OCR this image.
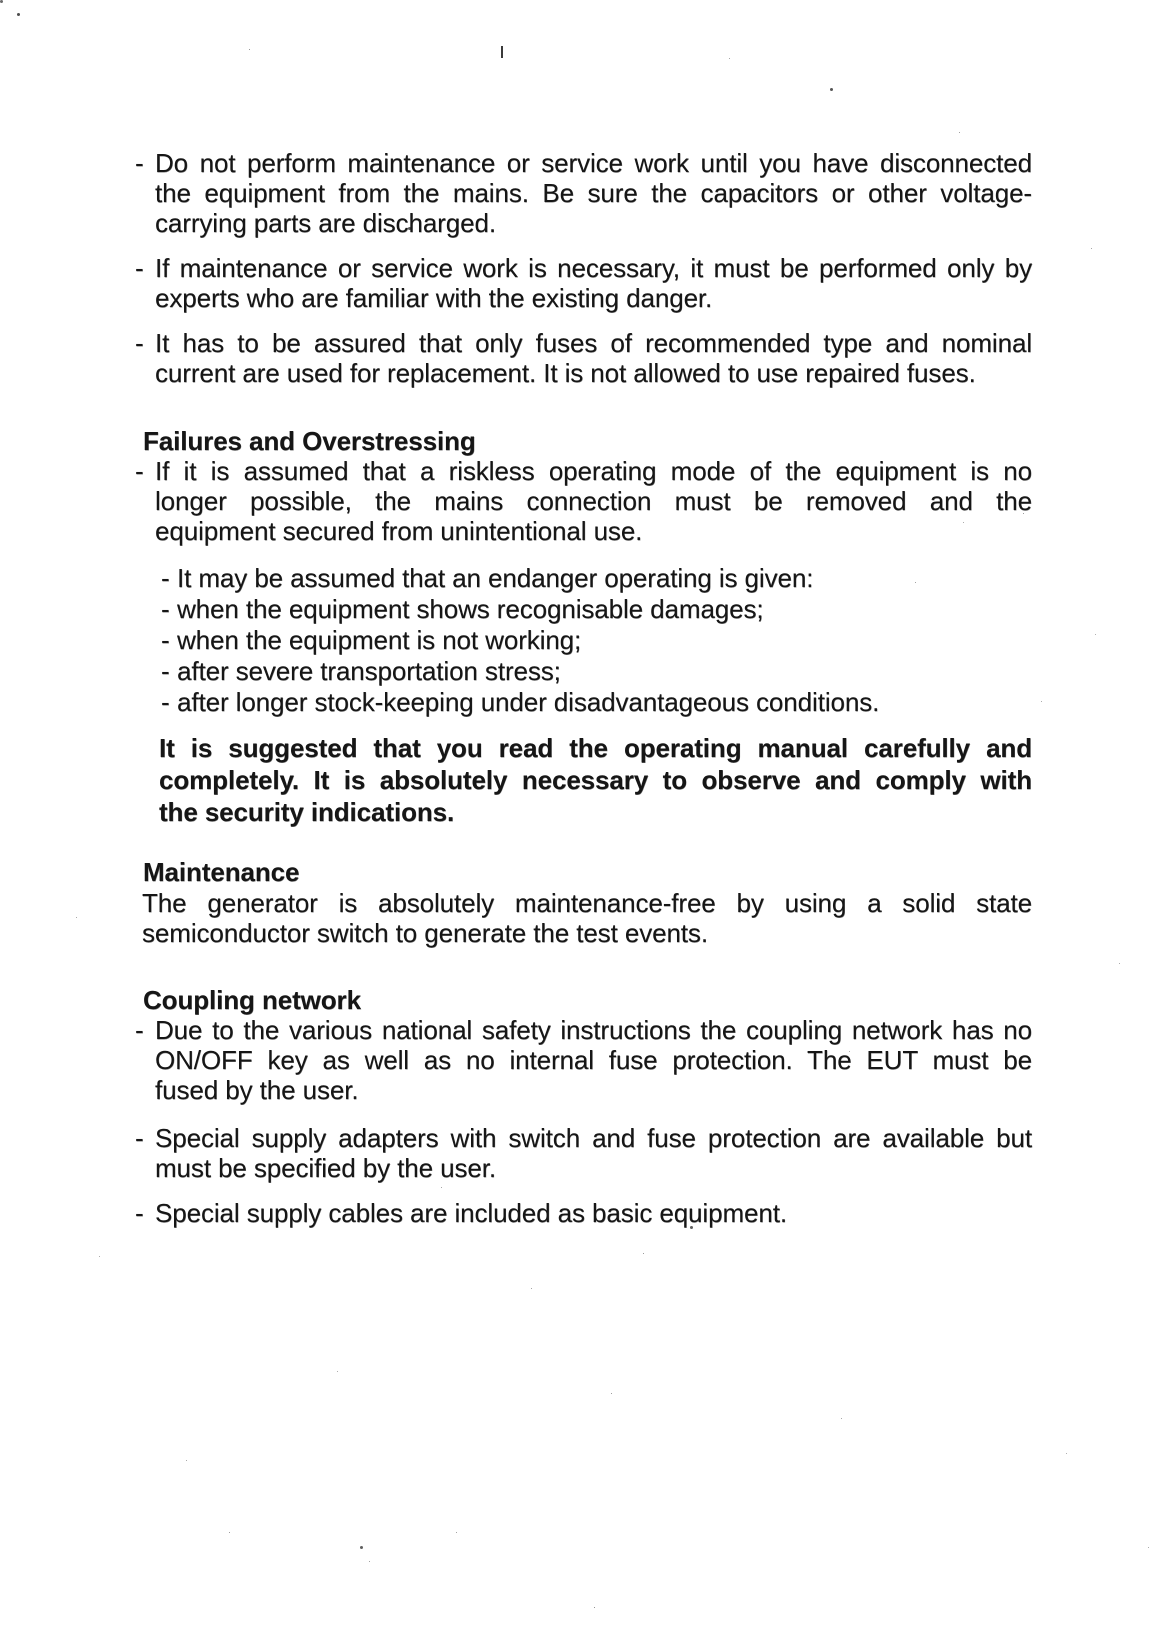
- Do not perform maintenance or service work until you have disconnected
the equipment from the mains. Be sure the capacitors or other voltage-
carrying parts are discharged.
- If maintenance or service work is necessary, it must be performed only by
experts who are familiar with the existing danger.
- It has to be assured that only fuses of recommended type and nominal
current are used for replacement. It is not allowed to use repaired fuses.
Failures and Overstressing
- If it is assumed that a riskless operating mode of the equipment is no
longer possible, the mains connection must be removed and the
equipment secured from unintentional use.
- It may be assumed that an endanger operating is given:
- when the equipment shows recognisable damages;
- when the equipment is not working;
- after severe transportation stress;
- after longer stock-keeping under disadvantageous conditions.
It is suggested that you read the operating manual carefully and
completely. It is absolutely necessary to observe and comply with
the security indications.
Maintenance
The generator is absolutely maintenance-free by using a solid state
semiconductor switch to generate the test events.
Coupling network
- Due to the various national safety instructions the coupling network has no
ON/OFF key as well as no internal fuse protection. The EUT must be
fused by the user.
- Special supply adapters with switch and fuse protection are available but
must be specified by the user.
- Special supply cables are included as basic equipment.
